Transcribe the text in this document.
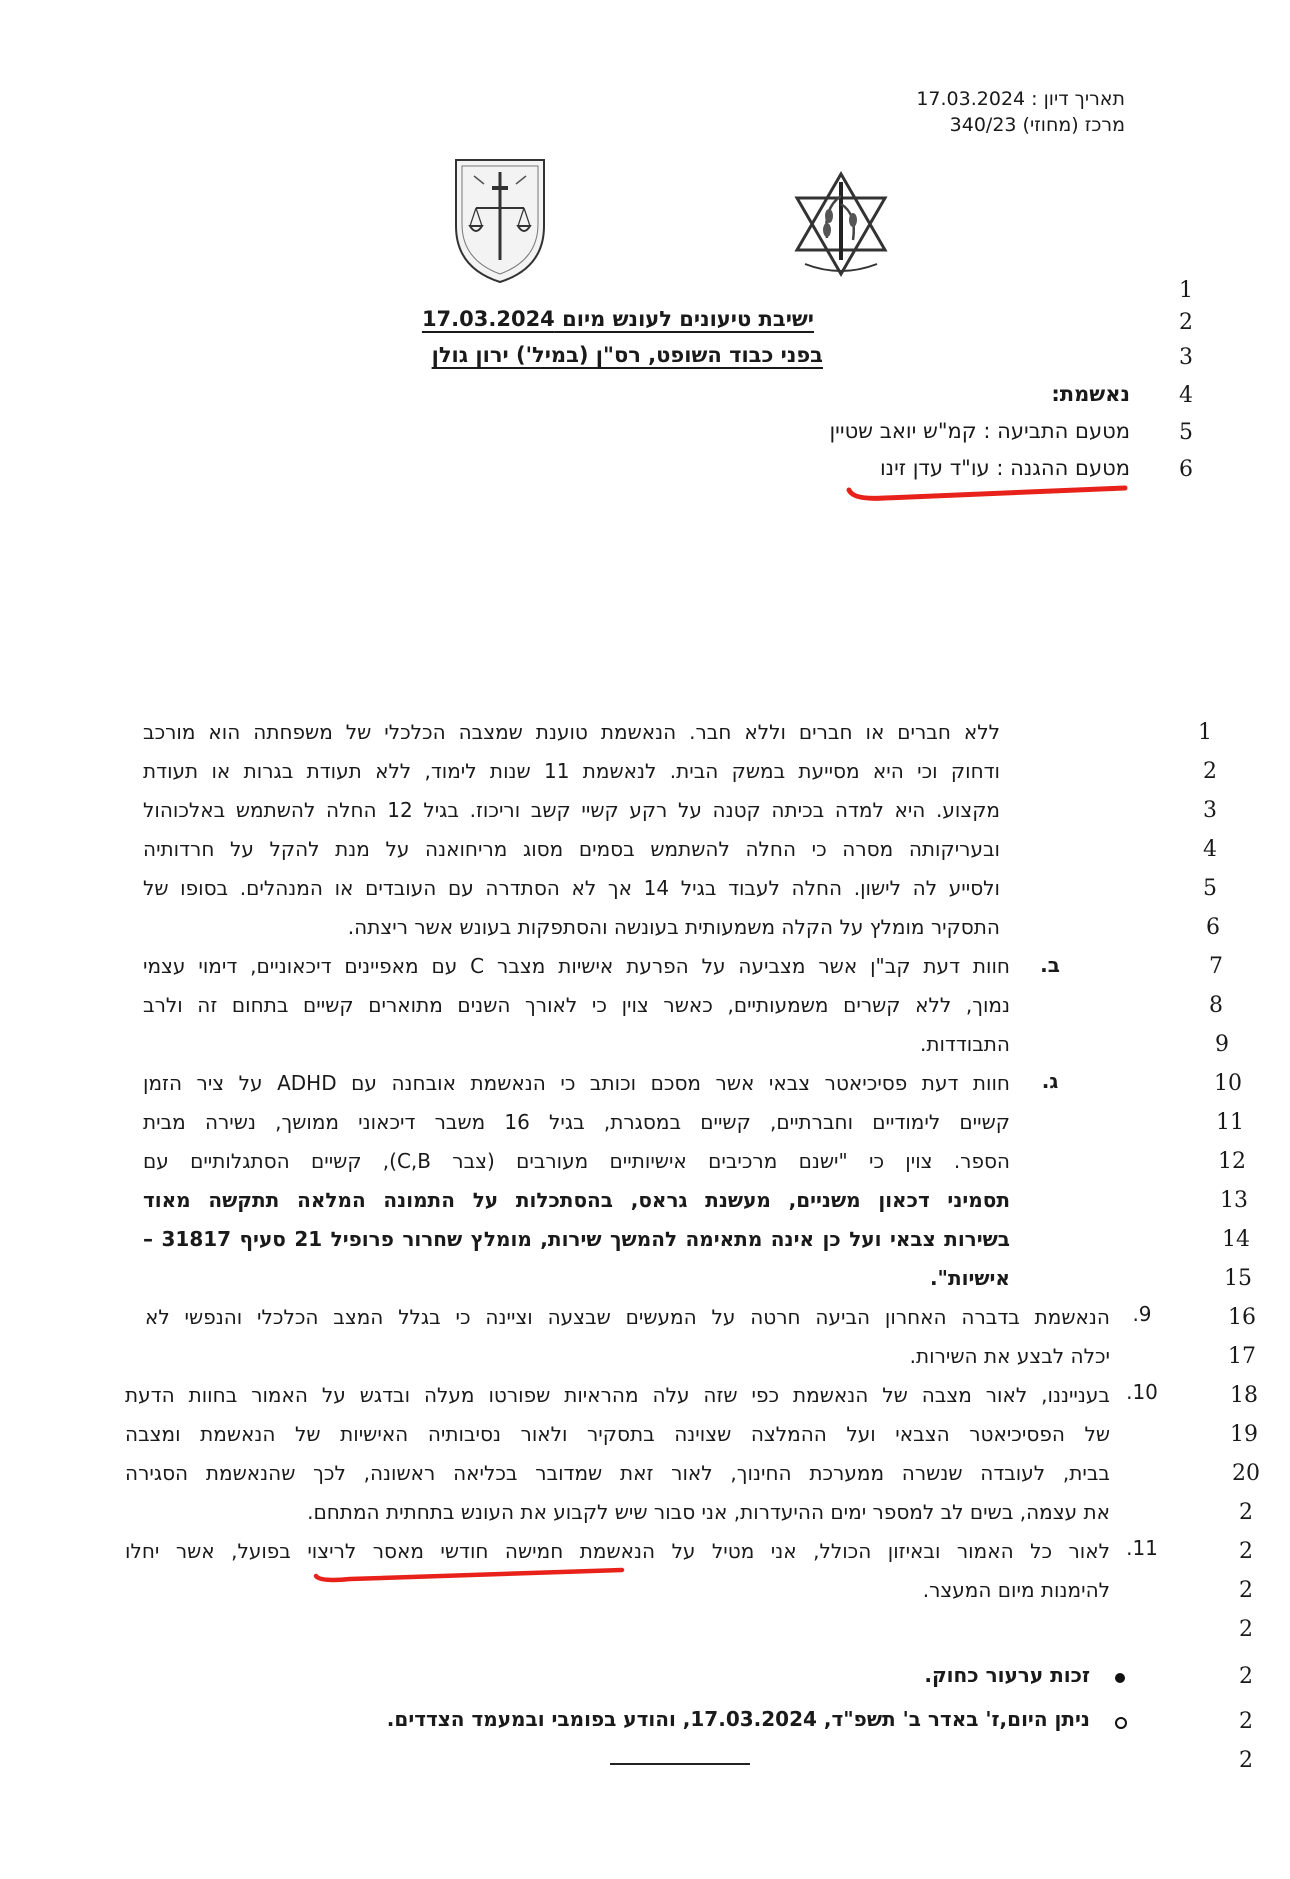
תאריך דיון : 17.03.2024
מרכז (מחוזי) 340/23
1
2
3
4
5
6
ישיבת טיעונים לעונש מיום 17.03.2024
בפני כבוד השופט, רס"ן (במיל') ירון גולן
נאשמת:
מטעם התביעה : קמ"ש יואב שטיין
מטעם ההגנה : עו"ד עדן זינו
1
2
3
4
5
6
7
8
9
10
11
12
13
14
15
16
17
18
19
20
2
2
2
2
2
2
2
ב.
ג.
.9
.10
.11
ללא חברים או חברים וללא חבר. הנאשמת טוענת שמצבה הכלכלי של משפחתה הוא מורכב
ודחוק וכי היא מסייעת במשק הבית. לנאשמת 11 שנות לימוד, ללא תעודת בגרות או תעודת
מקצוע. היא למדה בכיתה קטנה על רקע קשיי קשב וריכוז. בגיל 12 החלה להשתמש באלכוהול
ובעריקותה מסרה כי החלה להשתמש בסמים מסוג מריחואנה על מנת להקל על חרדותיה
ולסייע לה לישון. החלה לעבוד בגיל 14 אך לא הסתדרה עם העובדים או המנהלים. בסופו של
התסקיר מומלץ על הקלה משמעותית בעונשה והסתפקות בעונש אשר ריצתה.
חוות דעת קב"ן אשר מצביעה על הפרעת אישיות מצבר C עם מאפיינים דיכאוניים, דימוי עצמי
נמוך, ללא קשרים משמעותיים, כאשר צוין כי לאורך השנים מתוארים קשיים בתחום זה ולרב
התבודדות.
חוות דעת פסיכיאטר צבאי אשר מסכם וכותב כי הנאשמת אובחנה עם ADHD על ציר הזמן
קשיים לימודיים וחברתיים, קשיים במסגרת, בגיל 16 משבר דיכאוני ממושך, נשירה מבית
הספר. צוין כי "ישנם מרכיבים אישיותיים מעורבים (צבר C,B), קשיים הסתגלותיים עם
תסמיני דכאון משניים, מעשנת גראס, בהסתכלות על התמונה המלאה תתקשה מאוד
בשירות צבאי ועל כן אינה מתאימה להמשך שירות, מומלץ שחרור פרופיל 21 סעיף 31817 –
אישיות".
הנאשמת בדברה האחרון הביעה חרטה על המעשים שבצעה וציינה כי בגלל המצב הכלכלי והנפשי לא
יכלה לבצע את השירות.
בענייננו, לאור מצבה של הנאשמת כפי שזה עלה מהראיות שפורטו מעלה ובדגש על האמור בחוות הדעת
של הפסיכיאטר הצבאי ועל ההמלצה שצוינה בתסקיר ולאור נסיבותיה האישיות של הנאשמת ומצבה
בבית, לעובדה שנשרה ממערכת החינוך, לאור זאת שמדובר בכליאה ראשונה, לכך שהנאשמת הסגירה
את עצמה, בשים לב למספר ימים ההיעדרות, אני סבור שיש לקבוע את העונש בתחתית המתחם.
לאור כל האמור ובאיזון הכולל, אני מטיל על הנאשמת חמישה חודשי מאסר לריצוי בפועל, אשר יחלו
להימנות מיום המעצר.
זכות ערעור כחוק.
ניתן היום,ז' באדר ב' תשפ"ד, 17.03.2024, והודע בפומבי ובמעמד הצדדים.
